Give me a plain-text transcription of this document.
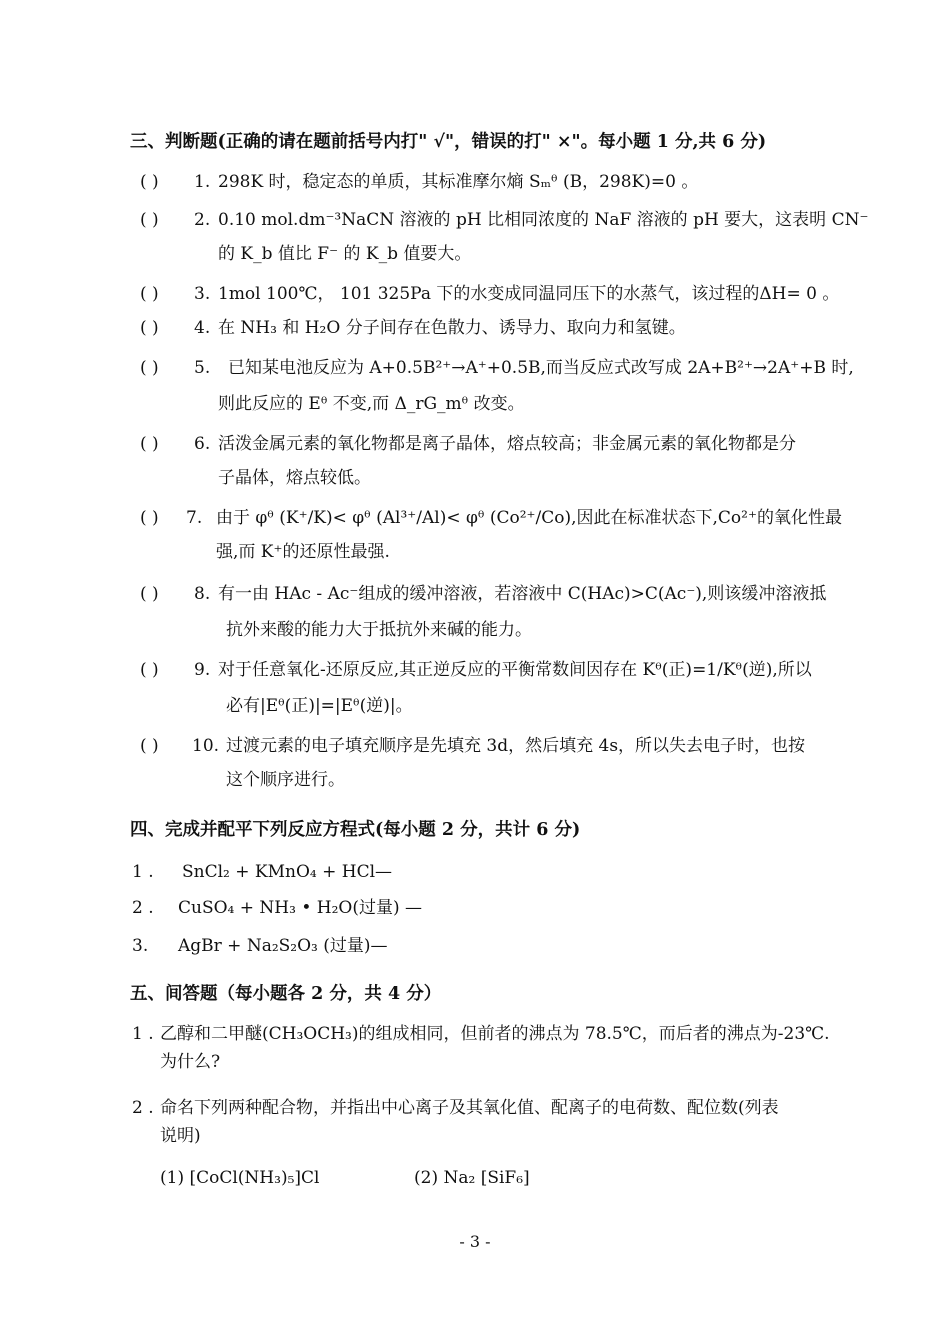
三、判断题(正确的请在题前括号内打" √"，错误的打" ×"。每小题 1 分,共 6 分)
( ) 1. 298K 时，稳定态的单质，其标准摩尔熵 Sₘᶿ (B，298K)=0 。
( ) 2. 0.10 mol.dm⁻³NaCN 溶液的 pH 比相同浓度的 NaF 溶液的 pH 要大，这表明 CN⁻
的 K_b 值比 F⁻ 的 K_b 值要大。
( ) 3. 1mol 100℃， 101 325Pa 下的水变成同温同压下的水蒸气，该过程的ΔH= 0 。
( ) 4. 在 NH₃ 和 H₂O 分子间存在色散力、诱导力、取向力和氢键。
( ) 5. 已知某电池反应为 A+0.5B²⁺→A⁺+0.5B,而当反应式改写成 2A+B²⁺→2A⁺+B 时,
则此反应的 Eᶿ 不变,而 Δ_rG_mᶿ 改变。
( ) 6. 活泼金属元素的氧化物都是离子晶体，熔点较高；非金属元素的氧化物都是分
子晶体，熔点较低。
( ) 7. 由于 φᶿ (K⁺/K)< φᶿ (Al³⁺/Al)< φᶿ (Co²⁺/Co),因此在标准状态下,Co²⁺的氧化性最
强,而 K⁺的还原性最强.
( ) 8. 有一由 HAc - Ac⁻组成的缓冲溶液，若溶液中 C(HAc)>C(Ac⁻),则该缓冲溶液抵
抗外来酸的能力大于抵抗外来碱的能力。
( ) 9. 对于任意氧化-还原反应,其正逆反应的平衡常数间因存在 Kᶿ(正)=1/Kᶿ(逆),所以
必有|Eᶿ(正)|=|Eᶿ(逆)|。
( ) 10. 过渡元素的电子填充顺序是先填充 3d，然后填充 4s，所以失去电子时，也按
这个顺序进行。
四、完成并配平下列反应方程式(每小题 2 分，共计 6 分)
1 . SnCl₂ + KMnO₄ + HCl—
2 . CuSO₄ + NH₃ • H₂O(过量) —
3. AgBr + Na₂S₂O₃ (过量)—
五、间答题（每小题各 2 分，共 4 分）
1 . 乙醇和二甲醚(CH₃OCH₃)的组成相同，但前者的沸点为 78.5℃，而后者的沸点为-23℃.
为什么?
2 . 命名下列两种配合物，并指出中心离子及其氧化值、配离子的电荷数、配位数(列表
说明)
(1) [CoCl(NH₃)₅]Cl	(2) Na₂ [SiF₆]
- 3 -
